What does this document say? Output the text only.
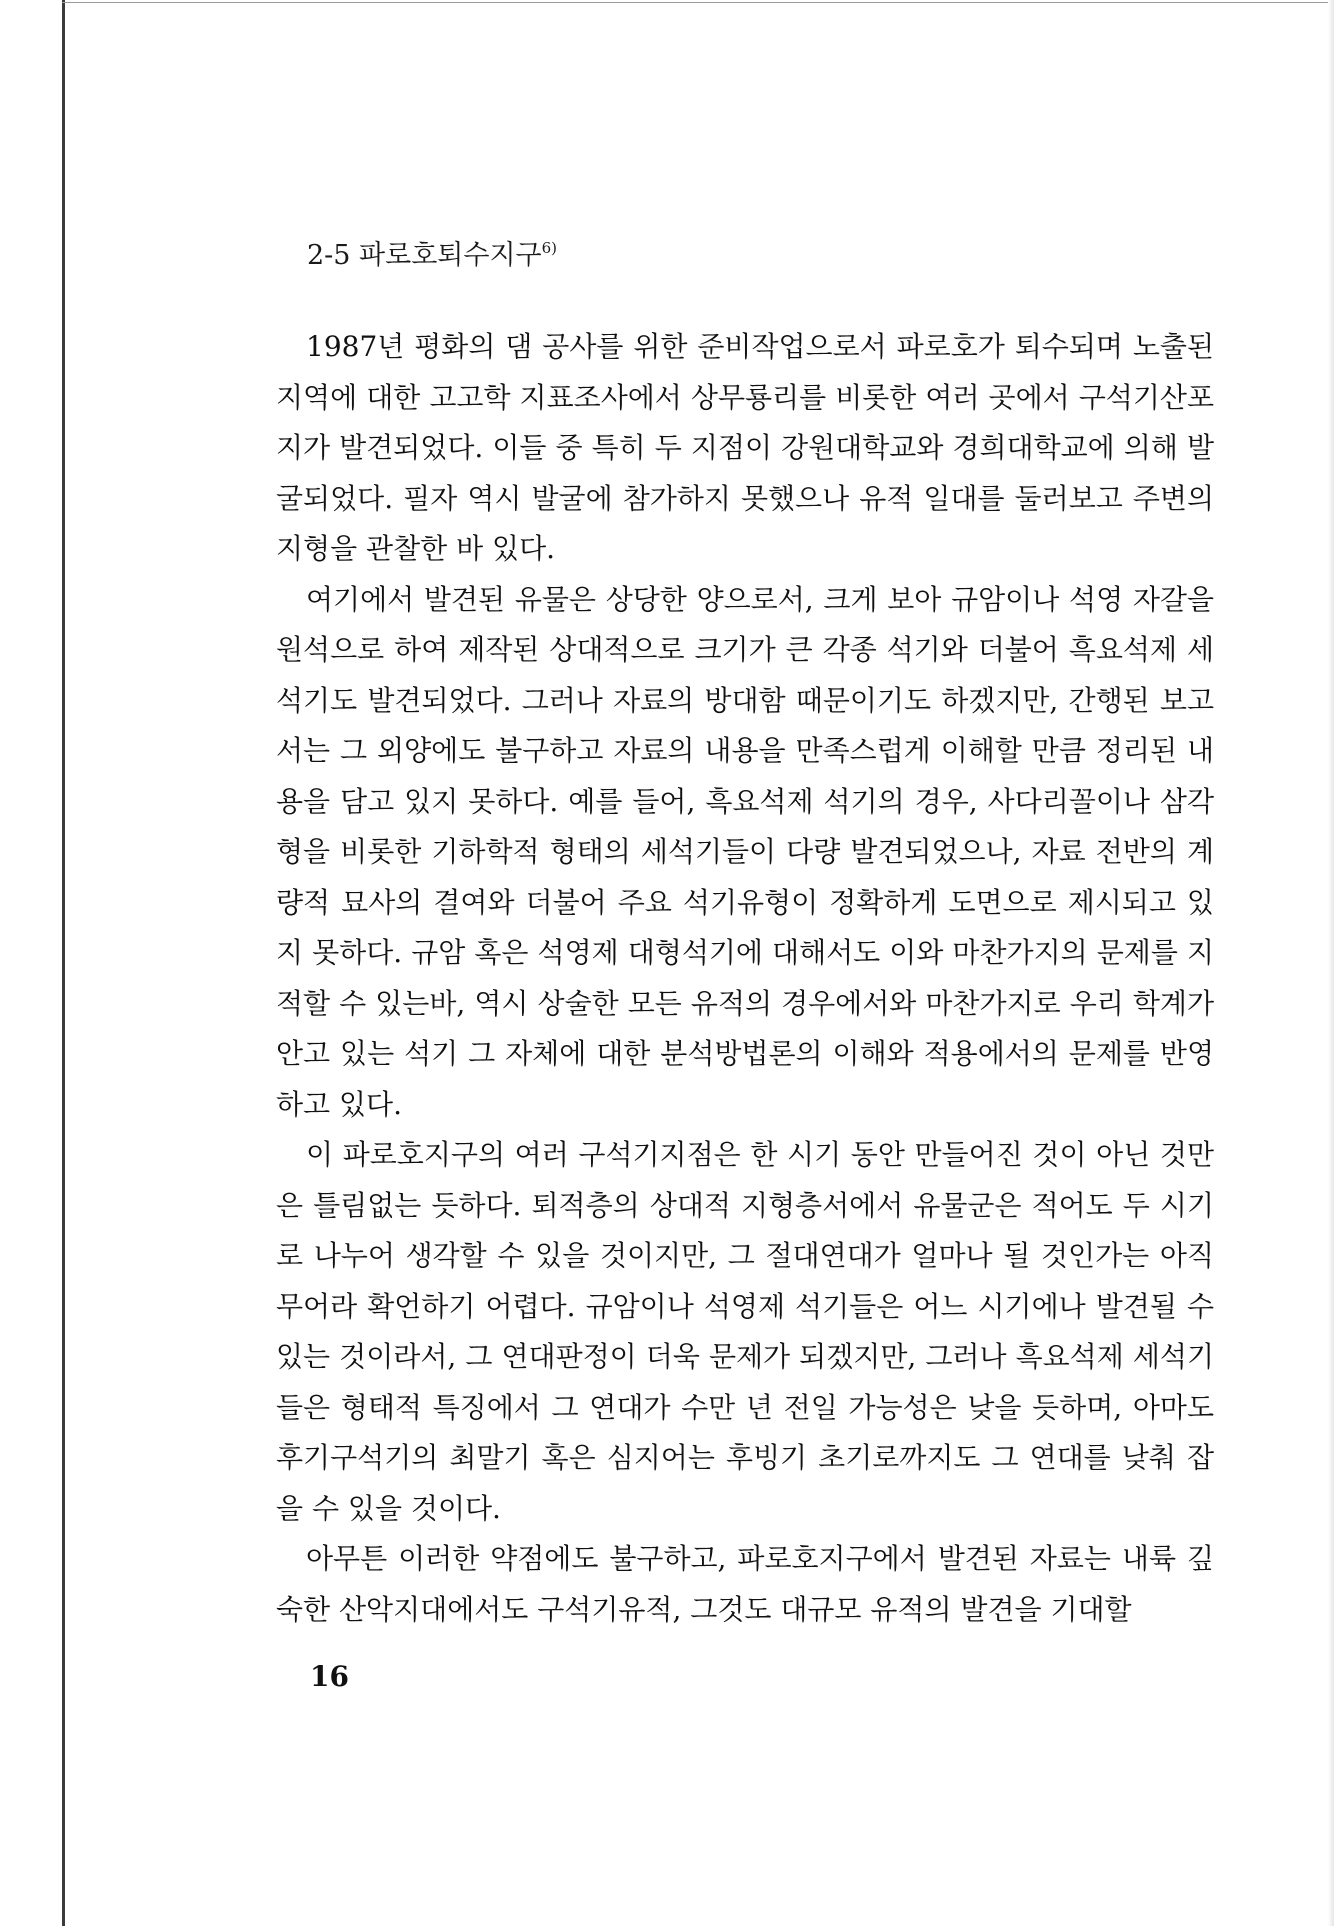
2-5 파로호퇴수지구$^{6)}$

1987년 평화의 댐 공사를 위한 준비작업으로서 파로호가 퇴수되며 노출된 지역에 대한 고고학 지표조사에서 상무룡리를 비롯한 여러 곳에서 구석기산포지가 발견되었다. 이들 중 특히 두 지점이 강원대학교와 경희대학교에 의해 발굴되었다. 필자 역시 발굴에 참가하지 못했으나 유적 일대를 둘러보고 주변의 지형을 관찰한 바 있다.

여기에서 발견된 유물은 상당한 양으로서, 크게 보아 규암이나 석영 자갈을 원석으로 하여 제작된 상대적으로 크기가 큰 각종 석기와 더불어 흑요석제 세석기도 발견되었다. 그러나 자료의 방대함 때문이기도 하겠지만, 간행된 보고서는 그 외양에도 불구하고 자료의 내용을 만족스럽게 이해할 만큼 정리된 내용을 담고 있지 못하다. 예를 들어, 흑요석제 석기의 경우, 사다리꼴이나 삼각형을 비롯한 기하학적 형태의 세석기들이 다량 발견되었으나, 자료 전반의 계량적 묘사의 결여와 더불어 주요 석기유형이 정확하게 도면으로 제시되고 있지 못하다. 규암 혹은 석영제 대형석기에 대해서도 이와 마찬가지의 문제를 지적할 수 있는바, 역시 상술한 모든 유적의 경우에서와 마찬가지로 우리 학계가 안고 있는 석기 그 자체에 대한 분석방법론의 이해와 적용에서의 문제를 반영하고 있다.

이 파로호지구의 여러 구석기지점은 한 시기 동안 만들어진 것이 아닌 것만은 틀림없는 듯하다. 퇴적층의 상대적 지형층서에서 유물군은 적어도 두 시기로 나누어 생각할 수 있을 것이지만, 그 절대연대가 얼마나 될 것인가는 아직 무어라 확언하기 어렵다. 규암이나 석영제 석기들은 어느 시기에나 발견될 수 있는 것이라서, 그 연대판정이 더욱 문제가 되겠지만, 그러나 흑요석제 세석기들은 형태적 특징에서 그 연대가 수만 년 전일 가능성은 낮을 듯하며, 아마도 후기구석기의 최말기 혹은 심지어는 후빙기 초기로까지도 그 연대를 낮춰 잡을 수 있을 것이다.

아무튼 이러한 약점에도 불구하고, 파로호지구에서 발견된 자료는 내륙 깊숙한 산악지대에서도 구석기유적, 그것도 대규모 유적의 발견을 기대할

16
